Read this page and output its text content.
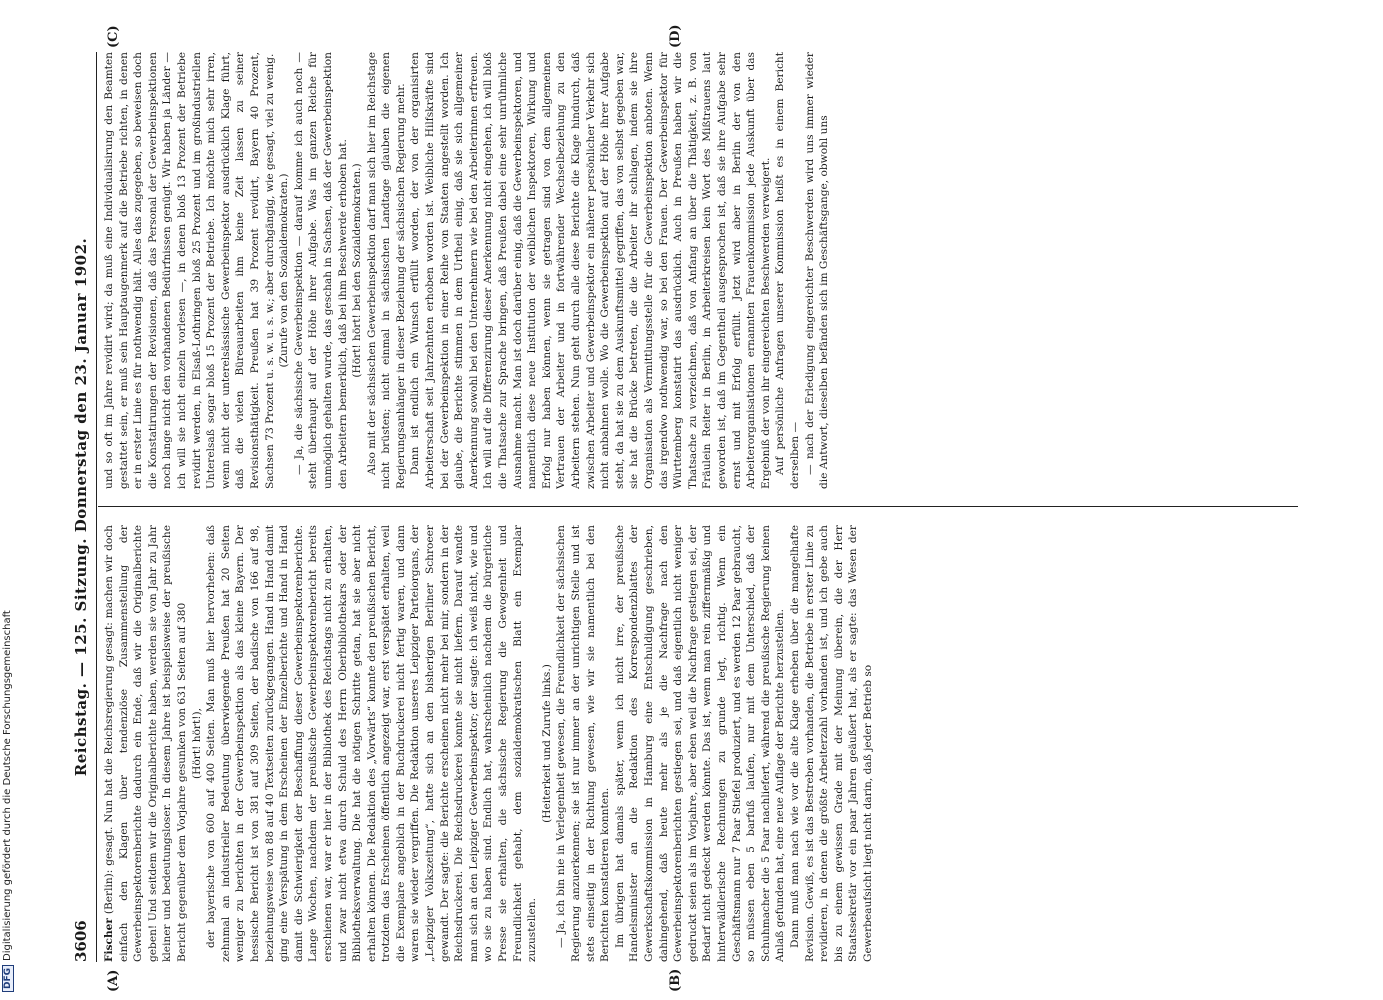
3606
Reichstag. — 125. Sitzung. Donnerstag den 23. Januar 1902.
(A)	(B)
(C)	(D)

Fischer (Berlin): gesagt. Nun hat die Reichsregierung gesagt: machen wir doch einfach den Klagen über tendenziöse Zusammenstellung der Gewerbeinspektorenberichte dadurch ein Ende, daß wir die Originalberichte geben! Und seitdem wir die Originalberichte haben, werden sie von Jahr zu Jahr kleiner und bedeutungsloser. In diesem Jahre ist beispielsweise der preußische Bericht gegenüber dem Vorjahre gesunken von 631 Seiten auf 380 (Hört! hört!), der bayerische von 600 auf 400 Seiten. Man muß hier hervorheben: daß zehnmal an industrieller Bedeutung überwiegende Preußen hat 20 Seiten weniger zu berichten in der Gewerbeinspektion als das kleine Bayern. Der hessische Bericht ist von 381 auf 309 Seiten, der badische von 166 auf 98, beziehungsweise von 88 auf 40 Textseiten zurückgegangen. Hand in Hand damit ging eine Verspätung in dem Erscheinen der Einzelberichte und Hand in Hand damit die Schwierigkeit der Beschaffung dieser Gewerbeinspektorenberichte. Lange Wochen, nachdem der preußische Gewerbeinspektorenbericht bereits erschienen war, war er hier in der Bibliothek des Reichstags nicht zu erhalten, und zwar nicht etwa durch Schuld des Herrn Oberbibliothekars oder der Bibliotheksverwaltung. Die hat die nötigen Schritte getan, hat sie aber nicht erhalten können. Die Redaktion des „Vorwärts“ konnte den preußischen Bericht, trotzdem das Erscheinen öffentlich angezeigt war, erst verspätet erhalten, weil die Exemplare angeblich in der Buchdruckerei nicht fertig waren, und dann waren sie wieder vergriffen. Die Redaktion unseres Leipziger Parteiorgans, der „Leipziger Volkszeitung“, hatte sich an den bisherigen Berliner Schroeer gewandt. Der sagte: die Berichte erscheinen nicht mehr bei mir, sondern in der Reichsdruckerei. Die Reichsdruckerei konnte sie nicht liefern. Darauf wandte man sich an den Leipziger Gewerbeinspektor; der sagte: ich weiß nicht, wie und wo sie zu haben sind. Endlich hat, wahrscheinlich nachdem die bürgerliche Presse sie erhalten, die sächsische Regierung die Gewogenheit und Freundlichkeit gehabt, dem sozialdemokratischen Blatt ein Exemplar zuzustellen.

(Heiterkeit und Zurufe links.) — Ja, ich bin nie in Verlegenheit gewesen, die Freundlichkeit der sächsischen Regierung anzuerkennen; sie ist nur immer an der unrichtigen Stelle und ist stets einseitig in der Richtung gewesen, wie wir sie namentlich bei den Berichten konstatieren konnten. Im übrigen hat damals später, wenn ich nicht irre, der preußische Handelsminister an die Redaktion des Korrespondenzblattes der Gewerkschaftskommission in Hamburg eine Entschuldigung geschrieben, dahingehend, daß heute mehr als je die Nachfrage nach den Gewerbeinspektorenberichten gestiegen sei, und daß eigentlich nicht weniger gedruckt seien als im Vorjahre, aber eben weil die Nachfrage gestiegen sei, der Bedarf nicht gedeckt werden könnte. Das ist, wenn man rein ziffernmäßig und hinterwäldlerische Rechnungen zu grunde legt, richtig. Wenn ein Geschäftsmann nur 7 Paar Stiefel produziert, und es werden 12 Paar gebraucht, so müssen eben 5 barfuß laufen, nur mit dem Unterschied, daß der Schuhmacher die 5 Paar nachliefert, während die preußische Regierung keinen Anlaß gefunden hat, eine neue Auflage der Berichte herzustellen. Dann muß man nach wie vor die alte Klage erheben über die mangelhafte Revision. Gewiß, es ist das Bestreben vorhanden, die Betriebe in erster Linie zu revidieren, in denen die größte Arbeiterzahl vorhanden ist, und ich gebe auch bis zu einem gewissen Grade mit der Meinung überein, die der Herr Staatssekretär vor ein paar Jahren geäußert hat, als er sagte: das Wesen der Gewerbeaufsicht liegt nicht darin, daß jeder Betrieb so

und so oft im Jahre revidirt wird; da muß eine Individualisirung den Beamten gestattet sein, er muß sein Hauptaugenmerk auf die Betriebe richten, in denen er in erster Linie es für nothwendig hält. Alles das zugegeben, so beweisen doch die Konstatirungen der Revisionen, daß das Personal der Gewerbeinspektionen noch lange nicht den vorhandenen Bedürfnissen genügt. Wir haben ja Länder — ich will sie nicht einzeln vorlesen —, in denen bloß 13 Prozent der Betriebe revidirt werden, in Elsaß-Lothringen bloß 25 Prozent und im großindustriellen Unterelsaß sogar bloß 15 Prozent der Betriebe. Ich möchte mich sehr irren, wenn nicht der unterelsässische Gewerbeinspektor ausdrücklich Klage führt, daß die vielen Büreauarbeiten ihm keine Zeit lassen zu seiner Revisionsthätigkeit. Preußen hat 39 Prozent revidirt, Bayern 40 Prozent, Sachsen 73 Prozent u. s. w. u. s. w.; aber durchgängig, wie gesagt, viel zu wenig. (Zurufe von den Sozialdemokraten.) — Ja, die sächsische Gewerbeinspektion — darauf komme ich auch noch — steht überhaupt auf der Höhe ihrer Aufgabe. Was im ganzen Reiche für unmöglich gehalten wurde, das geschah in Sachsen, daß der Gewerbeinspektion den Arbeitern bemerklich, daß bei ihm Beschwerde erhoben hat. (Hört! hört! bei den Sozialdemokraten.) Also mit der sächsischen Gewerbeinspektion darf man sich hier im Reichstage nicht brüsten; nicht einmal in sächsischen Landtage glauben die eigenen Regierungsanhänger in dieser Beziehung der sächsischen Regierung mehr. Dann ist endlich ein Wunsch erfüllt worden, der von der organisirten Arbeiterschaft seit Jahrzehnten erhoben worden ist. Weibliche Hilfskräfte sind bei der Gewerbeinspektion in einer Reihe von Staaten angestellt worden. Ich glaube, die Berichte stimmen in dem Urtheil einig, daß sie sich allgemeiner Anerkennung sowohl bei den Unternehmern wie bei den Arbeiterinnen erfreuen. Ich will auf die Differenzirung dieser Anerkennung nicht eingehen, ich will bloß die Thatsache zur Sprache bringen, daß Preußen dabei eine sehr unrühmliche Ausnahme macht. Man ist doch darüber einig, daß die Gewerbeinspektoren, und namentlich diese neue Institution der weiblichen Inspektoren, Wirkung und Erfolg nur haben können, wenn sie getragen sind von dem allgemeinen Vertrauen der Arbeiter und in fortwährender Wechselbeziehung zu den Arbeitern stehen. Nun geht durch alle diese Berichte die Klage hindurch, daß zwischen Arbeiter und Gewerbeinspektor ein näherer persönlicher Verkehr sich nicht anbahnen wolle. Wo die Gewerbeinspektion auf der Höhe ihrer Aufgabe steht, da hat sie zu dem Auskunftsmittel gegriffen, das von selbst gegeben war, sie hat die Brücke betreten, die die Arbeiter ihr schlagen, indem sie ihre Organisation als Vermittlungsstelle für die Gewerbeinspektion anboten. Wenn das irgendwo nothwendig war, so bei den Frauen. Der Gewerbeinspektor für Württemberg konstatirt das ausdrücklich. Auch in Preußen haben wir die Thatsache zu verzeichnen, daß von Anfang an über die Thätigkeit, z. B. von Fräulein Reiter in Berlin, in Arbeiterkreisen kein Wort des Mißtrauens laut geworden ist, daß im Gegentheil ausgesprochen ist, daß sie ihre Aufgabe sehr ernst und mit Erfolg erfüllt. Jetzt wird aber in Berlin der von den Arbeiterorganisationen ernannten Frauenkommission jede Auskunft über das Ergebniß der von ihr eingereichten Beschwerden verweigert. Auf persönliche Anfragen unserer Kommission heißt es in einem Bericht derselben — — nach der Erledigung eingereichter Beschwerden wird uns immer wieder die Antwort, dieselben befänden sich im Geschäftsgange, obwohl uns

DFGDigitalisierung gefördert durch die Deutsche Forschungsgemeinschaft
